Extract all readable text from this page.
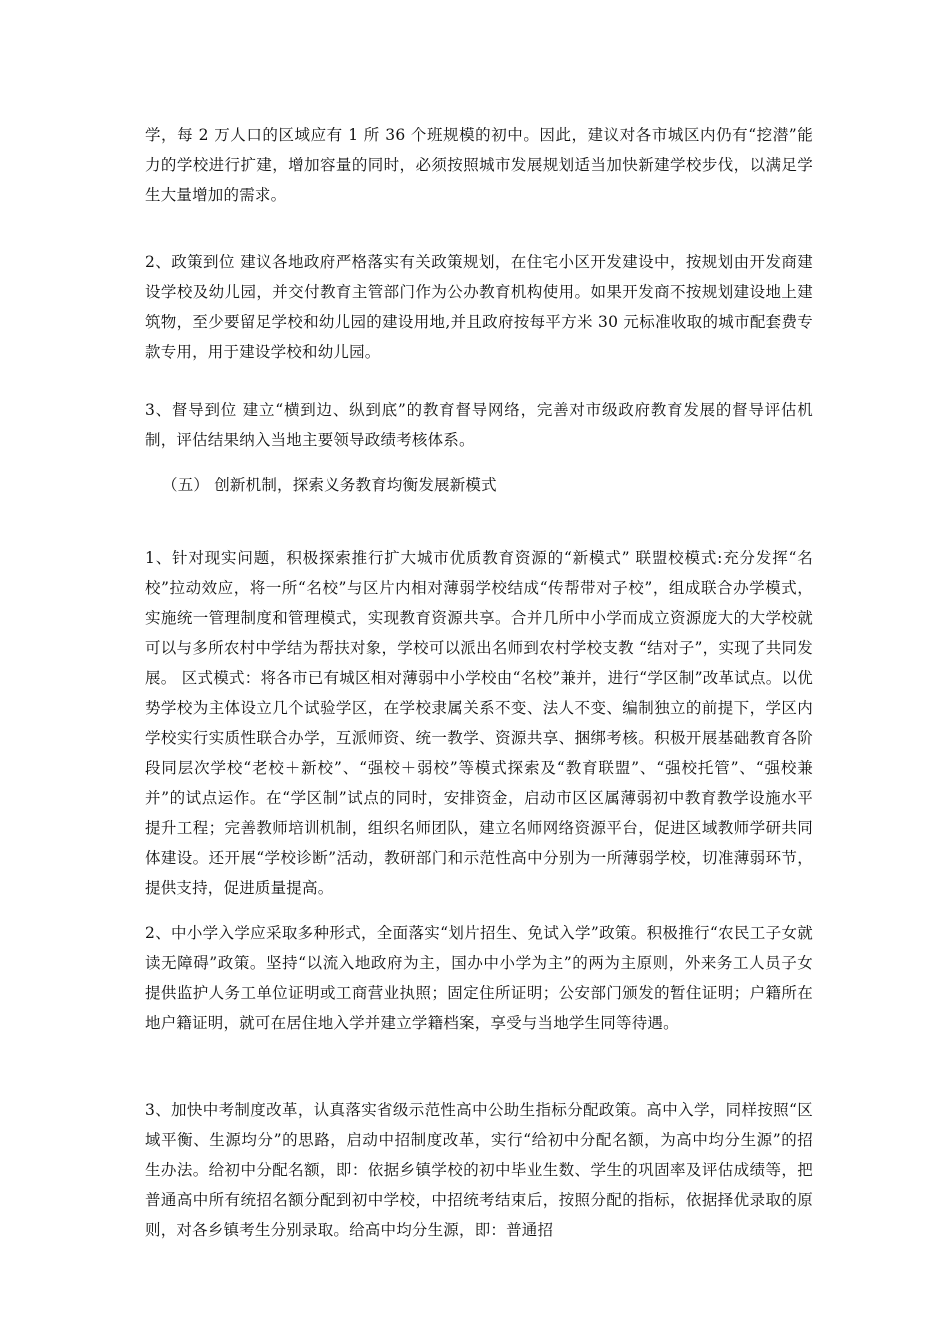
学，每 2 万人口的区域应有 1 所 36 个班规模的初中。因此，建议对各市城区内仍有“挖潜”能力的学校进行扩建，增加容量的同时，必须按照城市发展规划适当加快新建学校步伐，以满足学生大量增加的需求。

2、政策到位 建议各地政府严格落实有关政策规划，在住宅小区开发建设中，按规划由开发商建设学校及幼儿园，并交付教育主管部门作为公办教育机构使用。如果开发商不按规划建设地上建筑物，至少要留足学校和幼儿园的建设用地,并且政府按每平方米 30 元标准收取的城市配套费专款专用，用于建设学校和幼儿园。

3、督导到位 建立“横到边、纵到底”的教育督导网络，完善对市级政府教育发展的督导评估机制，评估结果纳入当地主要领导政绩考核体系。

（五） 创新机制，探索义务教育均衡发展新模式

1、针对现实问题，积极探索推行扩大城市优质教育资源的“新模式” 联盟校模式:充分发挥“名校”拉动效应，将一所“名校”与区片内相对薄弱学校结成“传帮带对子校”，组成联合办学模式，实施统一管理制度和管理模式，实现教育资源共享。合并几所中小学而成立资源庞大的大学校就可以与多所农村中学结为帮扶对象，学校可以派出名师到农村学校支教 “结对子”，实现了共同发展。 区式模式：将各市已有城区相对薄弱中小学校由“名校”兼并，进行“学区制”改革试点。以优势学校为主体设立几个试验学区，在学校隶属关系不变、法人不变、编制独立的前提下，学区内学校实行实质性联合办学，互派师资、统一教学、资源共享、捆绑考核。积极开展基础教育各阶段同层次学校“老校＋新校”、“强校＋弱校”等模式探索及“教育联盟”、“强校托管”、“强校兼并”的试点运作。在“学区制”试点的同时，安排资金，启动市区区属薄弱初中教育教学设施水平提升工程；完善教师培训机制，组织名师团队，建立名师网络资源平台，促进区域教师学研共同体建设。还开展“学校诊断”活动，教研部门和示范性高中分别为一所薄弱学校，切准薄弱环节，提供支持，促进质量提高。

2、中小学入学应采取多种形式，全面落实“划片招生、免试入学”政策。积极推行“农民工子女就读无障碍”政策。坚持“以流入地政府为主，国办中小学为主”的两为主原则，外来务工人员子女提供监护人务工单位证明或工商营业执照；固定住所证明；公安部门颁发的暂住证明；户籍所在地户籍证明，就可在居住地入学并建立学籍档案，享受与当地学生同等待遇。

3、加快中考制度改革，认真落实省级示范性高中公助生指标分配政策。高中入学，同样按照“区域平衡、生源均分”的思路，启动中招制度改革，实行“给初中分配名额，为高中均分生源”的招生办法。给初中分配名额，即：依据乡镇学校的初中毕业生数、学生的巩固率及评估成绩等，把普通高中所有统招名额分配到初中学校，中招统考结束后，按照分配的指标，依据择优录取的原则，对各乡镇考生分别录取。给高中均分生源，即：普通招
